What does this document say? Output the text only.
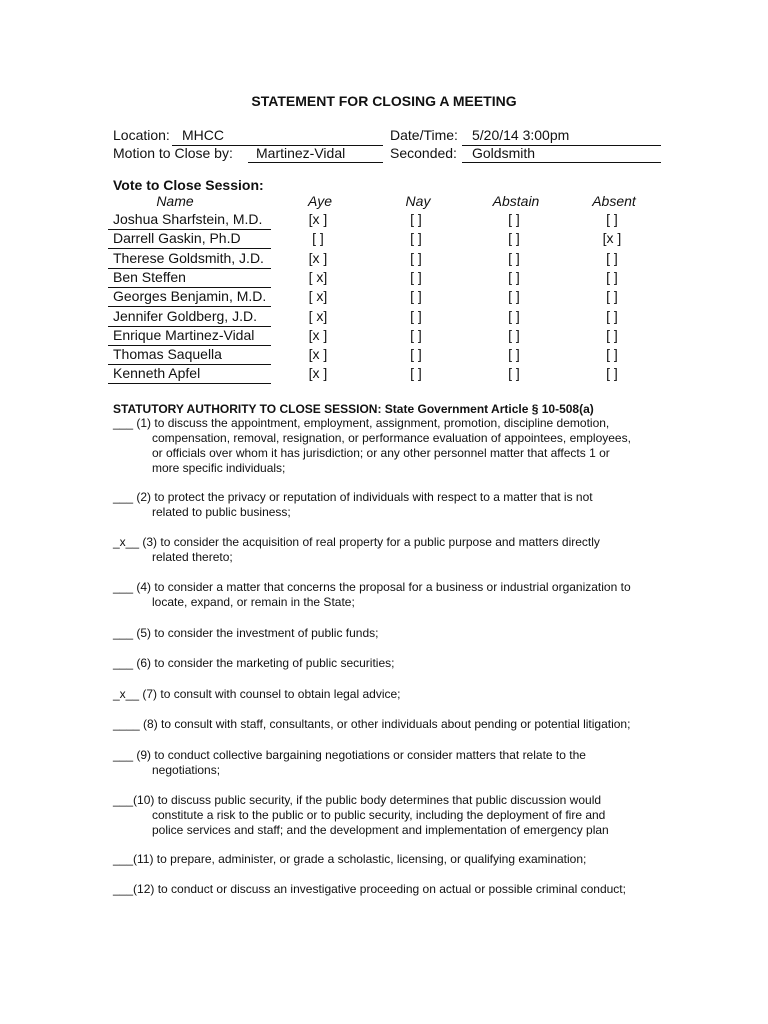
STATEMENT FOR CLOSING A MEETING
Location: MHCC	Date/Time: 5/20/14 3:00pm
Motion to Close by: Martinez-Vidal	Seconded: Goldsmith
Vote to Close Session:
Name	Aye	Nay	Abstain	Absent
Joshua Sharfstein, M.D.	[x ]	[ ]	[ ]	[ ]
Darrell Gaskin, Ph.D	[ ]	[ ]	[ ]	[x ]
Therese Goldsmith, J.D.	[x ]	[ ]	[ ]	[ ]
Ben Steffen	[ x]	[ ]	[ ]	[ ]
Georges Benjamin, M.D.	[ x]	[ ]	[ ]	[ ]
Jennifer Goldberg, J.D.	[ x]	[ ]	[ ]	[ ]
Enrique Martinez-Vidal	[x ]	[ ]	[ ]	[ ]
Thomas Saquella	[x ]	[ ]	[ ]	[ ]
Kenneth Apfel	[x ]	[ ]	[ ]	[ ]
STATUTORY AUTHORITY TO CLOSE SESSION: State Government Article § 10-508(a)
___ (1) to discuss the appointment, employment, assignment, promotion, discipline demotion,
compensation, removal, resignation, or performance evaluation of appointees, employees,
or officials over whom it has jurisdiction; or any other personnel matter that affects 1 or
more specific individuals;
___ (2) to protect the privacy or reputation of individuals with respect to a matter that is not
related to public business;
_x__ (3) to consider the acquisition of real property for a public purpose and matters directly
related thereto;
___ (4) to consider a matter that concerns the proposal for a business or industrial organization to
locate, expand, or remain in the State;
___ (5) to consider the investment of public funds;
___ (6) to consider the marketing of public securities;
_x__ (7) to consult with counsel to obtain legal advice;
____ (8) to consult with staff, consultants, or other individuals about pending or potential litigation;
___ (9) to conduct collective bargaining negotiations or consider matters that relate to the
negotiations;
___(10) to discuss public security, if the public body determines that public discussion would
constitute a risk to the public or to public security, including the deployment of fire and
police services and staff; and the development and implementation of emergency plan
___(11) to prepare, administer, or grade a scholastic, licensing, or qualifying examination;
___(12) to conduct or discuss an investigative proceeding on actual or possible criminal conduct;
